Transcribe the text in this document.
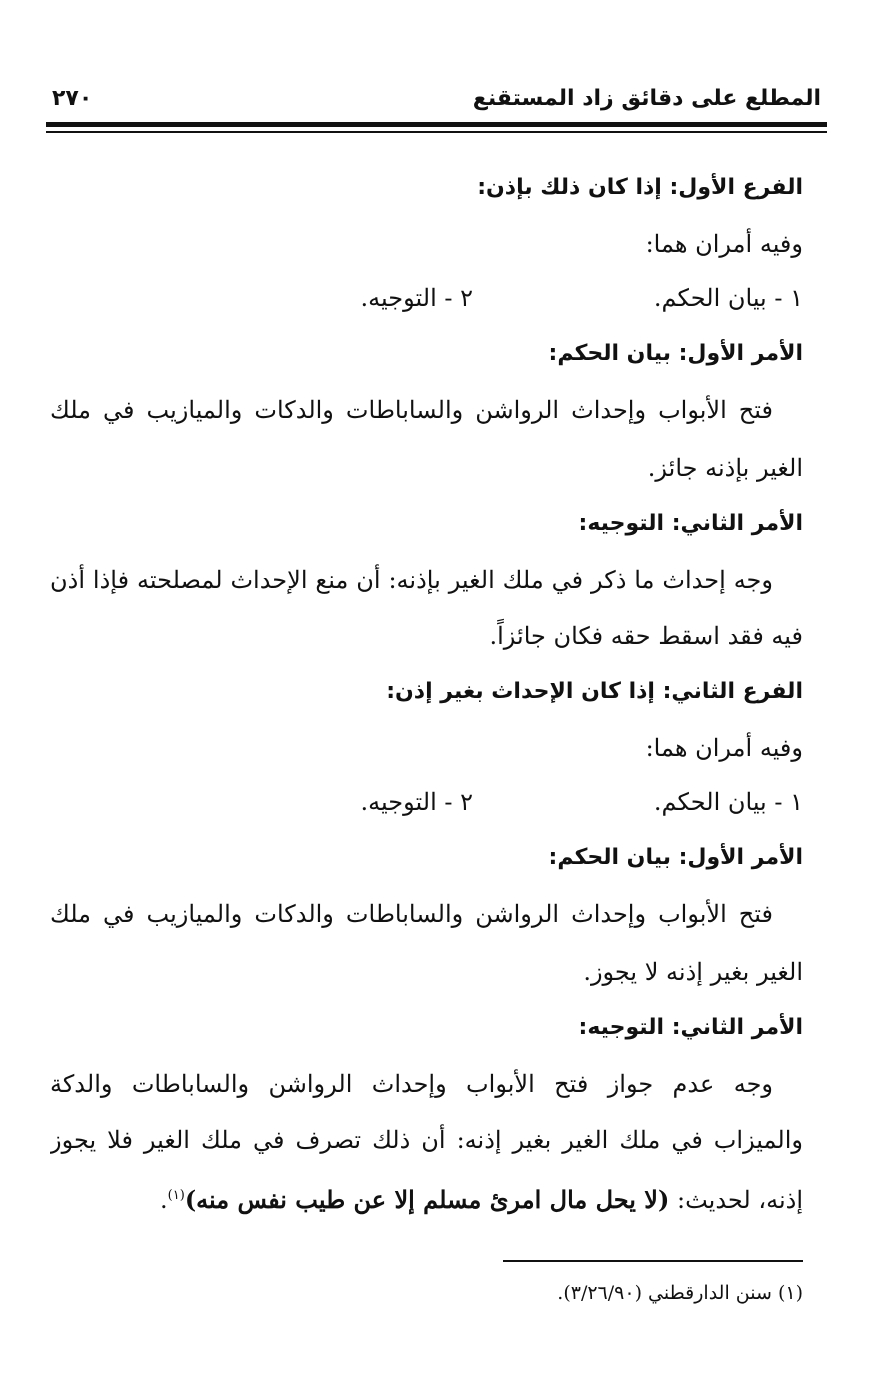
المطلع على دقائق زاد المستقنع
٢٧٠
الفرع الأول: إذا كان ذلك بإذن:
وفيه أمران هما:
١ - بيان الحكم.
٢ - التوجيه.
الأمر الأول: بيان الحكم:
فتح الأبواب وإحداث الرواشن والساباطات والدكات والميازيب في ملك
الغير بإذنه جائز.
الأمر الثاني: التوجيه:
وجه إحداث ما ذكر في ملك الغير بإذنه: أن منع الإحداث لمصلحته فإذا أذن
فيه فقد اسقط حقه فكان جائزاً.
الفرع الثاني: إذا كان الإحداث بغير إذن:
وفيه أمران هما:
١ - بيان الحكم.
٢ - التوجيه.
الأمر الأول: بيان الحكم:
فتح الأبواب وإحداث الرواشن والساباطات والدكات والميازيب في ملك
الغير بغير إذنه لا يجوز.
الأمر الثاني: التوجيه:
وجه عدم جواز فتح الأبواب وإحداث الرواشن والساباطات والدكة
والميزاب في ملك الغير بغير إذنه: أن ذلك تصرف في ملك الغير فلا يجوز
إذنه، لحديث: (لا يحل مال امرئ مسلم إلا عن طيب نفس منه)$^{(١)}$.
(١) سنن الدارقطني (٣/٢٦/٩٠).
